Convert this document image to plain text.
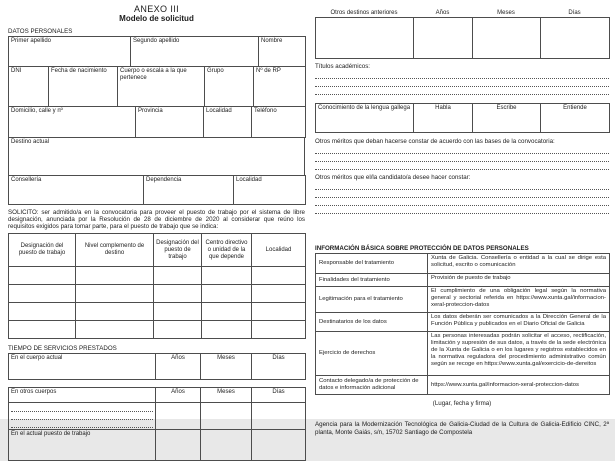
ANEXO III
Modelo de solicitud
DATOS PERSONALES
Primer apellido	Segundo apellido	Nombre
DNI	Fecha de nacimiento	Cuerpo o escala a la que pertenece	Grupo	Nº de RP
Domicilio, calle y nº	Provincia	Localidad	Teléfono
Destino actual
Consellería	Dependencia	Localidad
SOLICITO: ser admitido/a en la convocatoria para proveer el puesto de trabajo por el sistema de libre designación, anunciada por la Resolución de 28 de diciembre de 2020 al considerar que reúno los requisitos exigidos para tomar parte, para el puesto de trabajo que se indica:
Designación del puesto de trabajo	Nivel complemento de destino	Designación del puesto de trabajo	Centro directivo o unidad de la que depende	Localidad

TIEMPO DE SERVICIOS PRESTADOS
En el cuerpo actual	Años	Meses	Días
En otros cuerpos	Años	Meses	Días

En el actual puesto de trabajo			
Otros destinos anteriores	Años	Meses	Días

Títulos académicos:
Conocimiento de la lengua gallega	Habla	Escribe	Entiende
Otros méritos que deban hacerse constar de acuerdo con las bases de la convocatoria:
Otros méritos que el/la candidato/a desee hacer constar:
INFORMACIÓN BÁSICA SOBRE PROTECCIÓN DE DATOS PERSONALES
Responsable del tratamiento	Xunta de Galicia. Consellería o entidad a la cual se dirige esta solicitud, escrito o comunicación
Finalidades del tratamiento	Provisión de puesto de trabajo
Legitimación para el tratamiento	El cumplimiento de una obligación legal según la normativa general y sectorial referida en https://www.xunta.gal/informacion-xeral-proteccion-datos
Destinatarios de los datos	Los datos deberán ser comunicados a la Dirección General de la Función Pública y publicados en el Diario Oficial de Galicia
Ejercicio de derechos	Las personas interesadas podrán solicitar el acceso, rectificación, limitación y supresión de sus datos, a través de la sede electrónica de la Xunta de Galicia o en los lugares y registros establecidos en la normativa reguladora del procedimiento administrativo común según se recoge en https://www.xunta.gal/exercicio-de-dereitos
Contacto delegado/a de protección de datos e información adicional	https://www.xunta.gal/informacion-xeral-proteccion-datos
(Lugar, fecha y firma)
Agencia para la Modernización Tecnológica de Galicia-Ciudad de la Cultura de Galicia-Edificio CINC, 2ª planta, Monte Gaiás, s/n, 15702 Santiago de Compostela
